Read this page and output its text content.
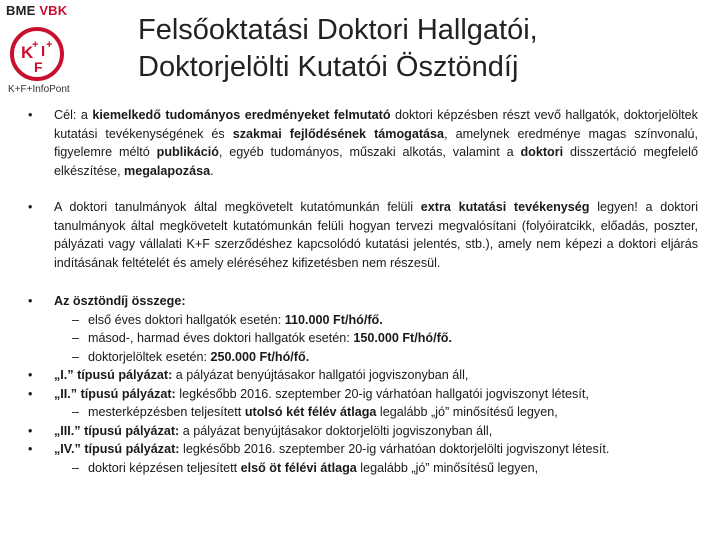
BME VBK
K
+ I +
F
K+F+InfoPont
Felsőoktatási Doktori Hallgatói,
Doktorjelölti Kutatói Ösztöndíj

• Cél: a kiemelkedő tudományos eredményeket felmutató doktori képzésben részt vevő hallgatók, doktorjelöltek kutatási tevékenységének és szakmai fejlődésének támogatása, amelynek eredménye magas színvonalú, figyelemre méltó publikáció, egyéb tudományos, műszaki alkotás, valamint a doktori disszertáció megfelelő elkészítése, megalapozása.

• A doktori tanulmányok által megkövetelt kutatómunkán felüli extra kutatási tevékenység legyen! a doktori tanulmányok által megkövetelt kutatómunkán felüli hogyan tervezi megvalósítani (folyóiratcikk, előadás, poszter, pályázati vagy vállalati K+F szerződéshez kapcsolódó kutatási jelentés, stb.), amely nem képezi a doktori eljárás indításának feltételét és amely eléréséhez kifizetésben nem részesül.

• Az ösztöndíj összege:

– első éves doktori hallgatók esetén: 110.000 Ft/hó/fő.

– másod-, harmad éves doktori hallgatók esetén: 150.000 Ft/hó/fő.

– doktorjelöltek esetén: 250.000 Ft/hó/fő.

• „I.” típusú pályázat: a pályázat benyújtásakor hallgatói jogviszonyban áll,

• „II.” típusú pályázat: legkésőbb 2016. szeptember 20-ig várhatóan hallgatói jogviszonyt létesít,

– mesterképzésben teljesített utolsó két félév átlaga legalább „jó” minősítésű legyen,

• „III.” típusú pályázat: a pályázat benyújtásakor doktorjelölti jogviszonyban áll,

• „IV.” típusú pályázat: legkésőbb 2016. szeptember 20-ig várhatóan doktorjelölti jogviszonyt létesít.

– doktori képzésen teljesített első öt félévi átlaga legalább „jó” minősítésű legyen,
